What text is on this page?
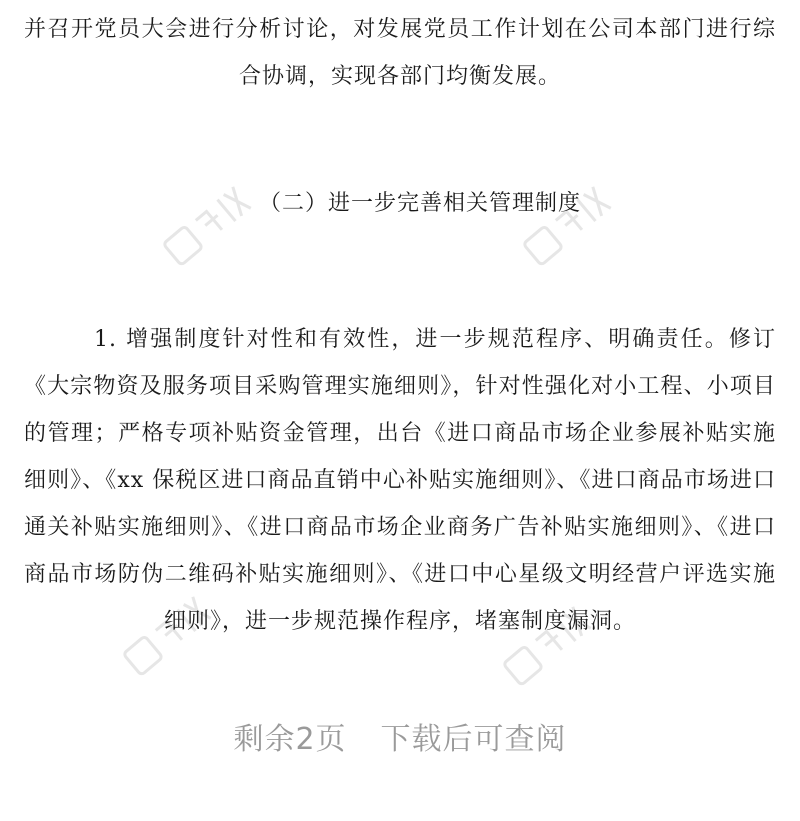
并召开党员大会进行分析讨论，对发展党员工作计划在公司本部门进行综合协调，实现各部门均衡发展。

（二）进一步完善相关管理制度

1. 增强制度针对性和有效性，进一步规范程序、明确责任。修订《大宗物资及服务项目采购管理实施细则》，针对性强化对小工程、小项目的管理；严格专项补贴资金管理，出台《进口商品市场企业参展补贴实施细则》、《xx 保税区进口商品直销中心补贴实施细则》、《进口商品市场进口通关补贴实施细则》、《进口商品市场企业商务广告补贴实施细则》、《进口商品市场防伪二维码补贴实施细则》、《进口中心星级文明经营户评选实施细则》，进一步规范操作程序，堵塞制度漏洞。

剩余2页 下载后可查阅
